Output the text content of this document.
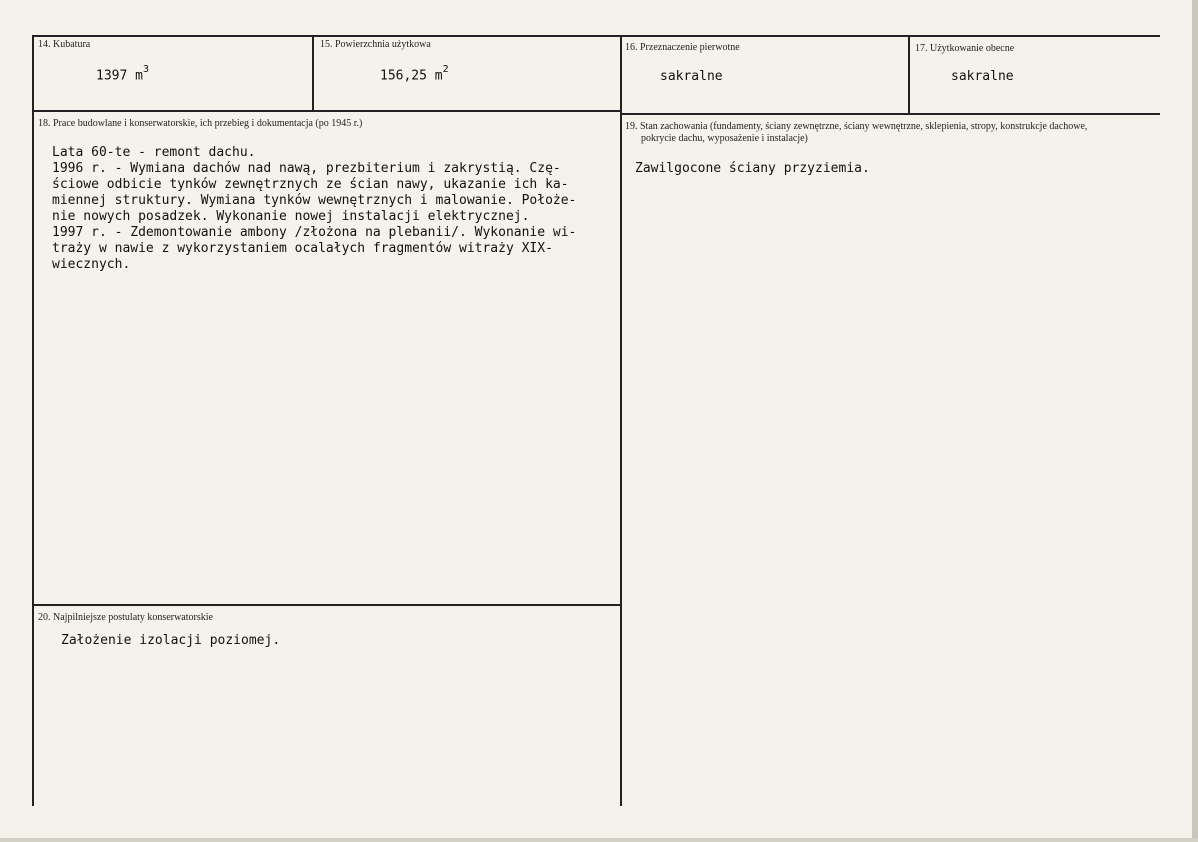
14. Kubatura
1397 $m^3$
15. Powierzchnia użytkowa
156,25 $m^2$
16. Przeznaczenie pierwotne
sakralne
17. Użytkowanie obecne
sakralne
18. Prace budowlane i konserwatorskie, ich przebieg i dokumentacja (po 1945 r.)
Lata 60-te - remont dachu.
1996 r. - Wymiana dachów nad nawą, prezbiterium i zakrystią. Czę-
ściowe odbicie tynków zewnętrznych ze ścian nawy, ukazanie ich ka-
miennej struktury. Wymiana tynków wewnętrznych i malowanie. Położe-
nie nowych posadzek. Wykonanie nowej instalacji elektrycznej.
1997 r. - Zdemontowanie ambony /złożona na plebanii/. Wykonanie wi-
traży w nawie z wykorzystaniem ocalałych fragmentów witraży XIX-
wiecznych.
19. Stan zachowania (fundamenty, ściany zewnętrzne, ściany wewnętrzne, sklepienia, stropy, konstrukcje dachowe,
pokrycie dachu, wyposażenie i instalacje)
Zawilgocone ściany przyziemia.
20. Najpilniejsze postulaty konserwatorskie
Założenie izolacji poziomej.
